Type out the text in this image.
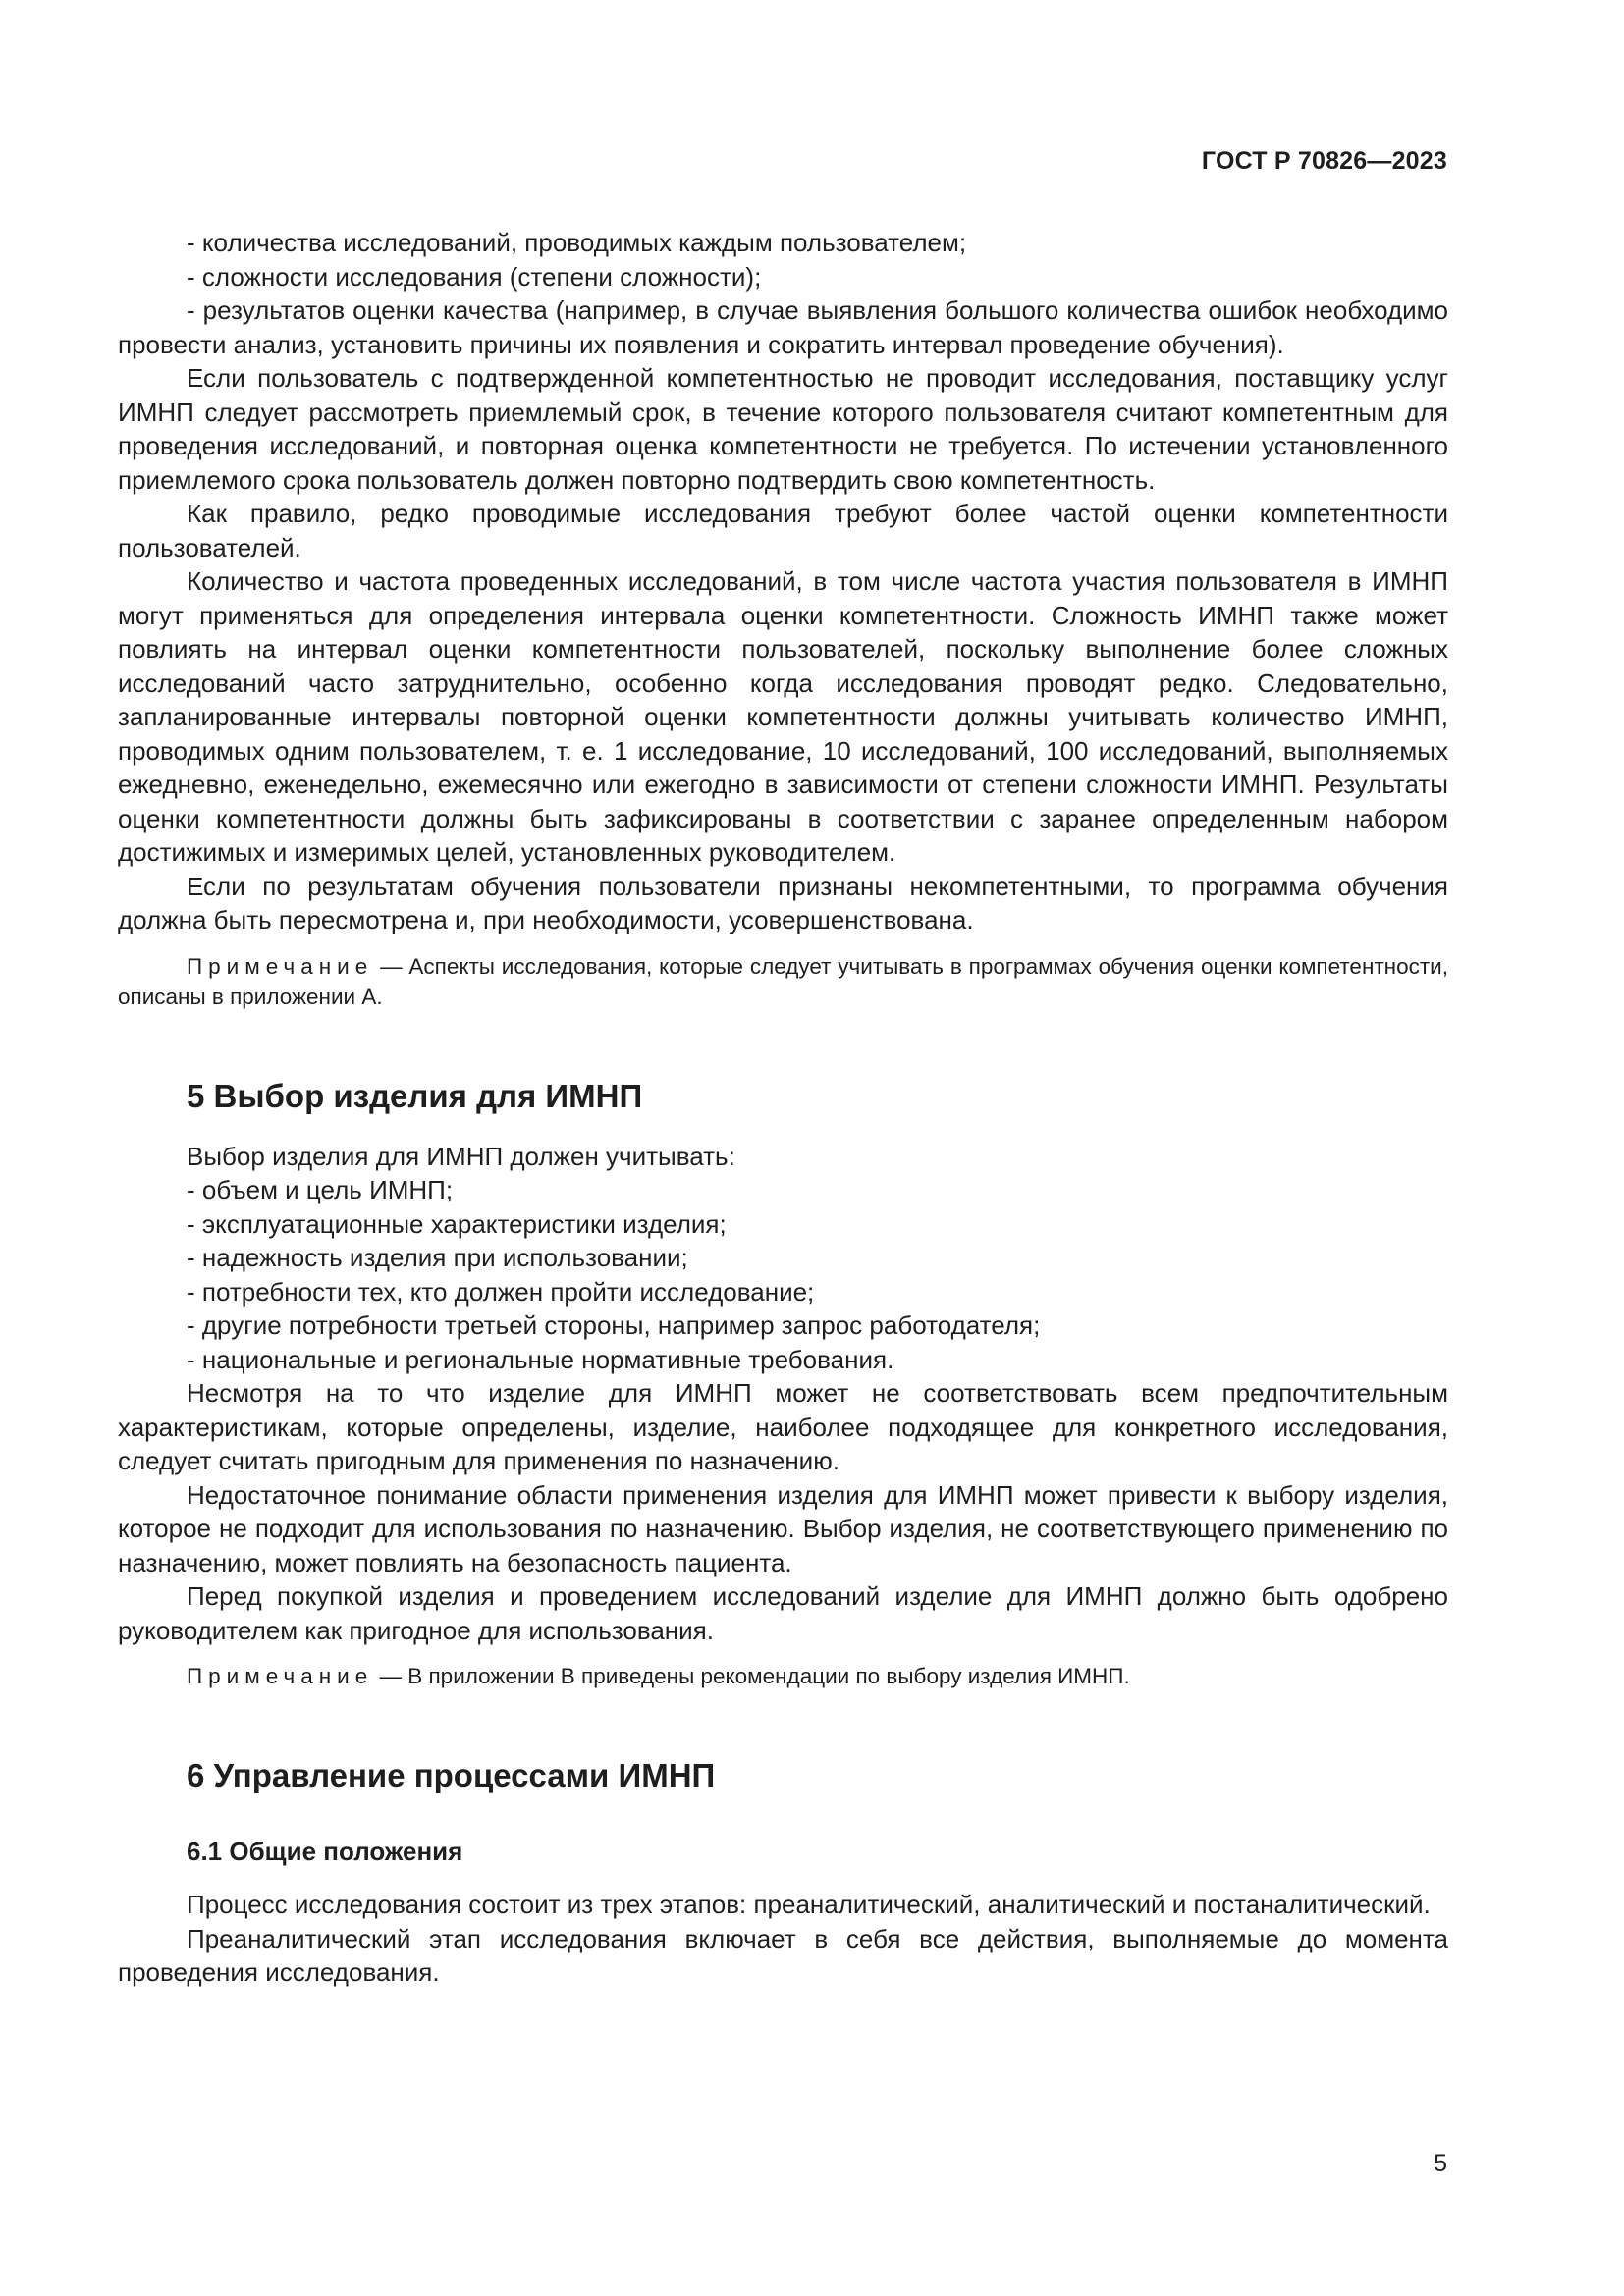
ГОСТ Р 70826—2023

- количества исследований, проводимых каждым пользователем;

- сложности исследования (степени сложности);

- результатов оценки качества (например, в случае выявления большого количества ошибок необходимо провести анализ, установить причины их появления и сократить интервал проведение обучения).

Если пользователь с подтвержденной компетентностью не проводит исследования, поставщику услуг ИМНП следует рассмотреть приемлемый срок, в течение которого пользователя считают компетентным для проведения исследований, и повторная оценка компетентности не требуется. По истечении установленного приемлемого срока пользователь должен повторно подтвердить свою компетентность.

Как правило, редко проводимые исследования требуют более частой оценки компетентности пользователей.

Количество и частота проведенных исследований, в том числе частота участия пользователя в ИМНП могут применяться для определения интервала оценки компетентности. Сложность ИМНП также может повлиять на интервал оценки компетентности пользователей, поскольку выполнение более сложных исследований часто затруднительно, особенно когда исследования проводят редко. Следовательно, запланированные интервалы повторной оценки компетентности должны учитывать количество ИМНП, проводимых одним пользователем, т. е. 1 исследование, 10 исследований, 100 исследований, выполняемых ежедневно, еженедельно, ежемесячно или ежегодно в зависимости от степени сложности ИМНП. Результаты оценки компетентности должны быть зафиксированы в соответствии с заранее определенным набором достижимых и измеримых целей, установленных руководителем.

Если по результатам обучения пользователи признаны некомпетентными, то программа обучения должна быть пересмотрена и, при необходимости, усовершенствована.

Примечание — Аспекты исследования, которые следует учитывать в программах обучения оценки компетентности, описаны в приложении А.

5 Выбор изделия для ИМНП

Выбор изделия для ИМНП должен учитывать:

- объем и цель ИМНП;

- эксплуатационные характеристики изделия;

- надежность изделия при использовании;

- потребности тех, кто должен пройти исследование;

- другие потребности третьей стороны, например запрос работодателя;

- национальные и региональные нормативные требования.

Несмотря на то что изделие для ИМНП может не соответствовать всем предпочтительным характеристикам, которые определены, изделие, наиболее подходящее для конкретного исследования, следует считать пригодным для применения по назначению.

Недостаточное понимание области применения изделия для ИМНП может привести к выбору изделия, которое не подходит для использования по назначению. Выбор изделия, не соответствующего применению по назначению, может повлиять на безопасность пациента.

Перед покупкой изделия и проведением исследований изделие для ИМНП должно быть одобрено руководителем как пригодное для использования.

Примечание — В приложении В приведены рекомендации по выбору изделия ИМНП.

6 Управление процессами ИМНП
6.1 Общие положения

Процесс исследования состоит из трех этапов: преаналитический, аналитический и постаналитический.

Преаналитический этап исследования включает в себя все действия, выполняемые до момента проведения исследования.

5
